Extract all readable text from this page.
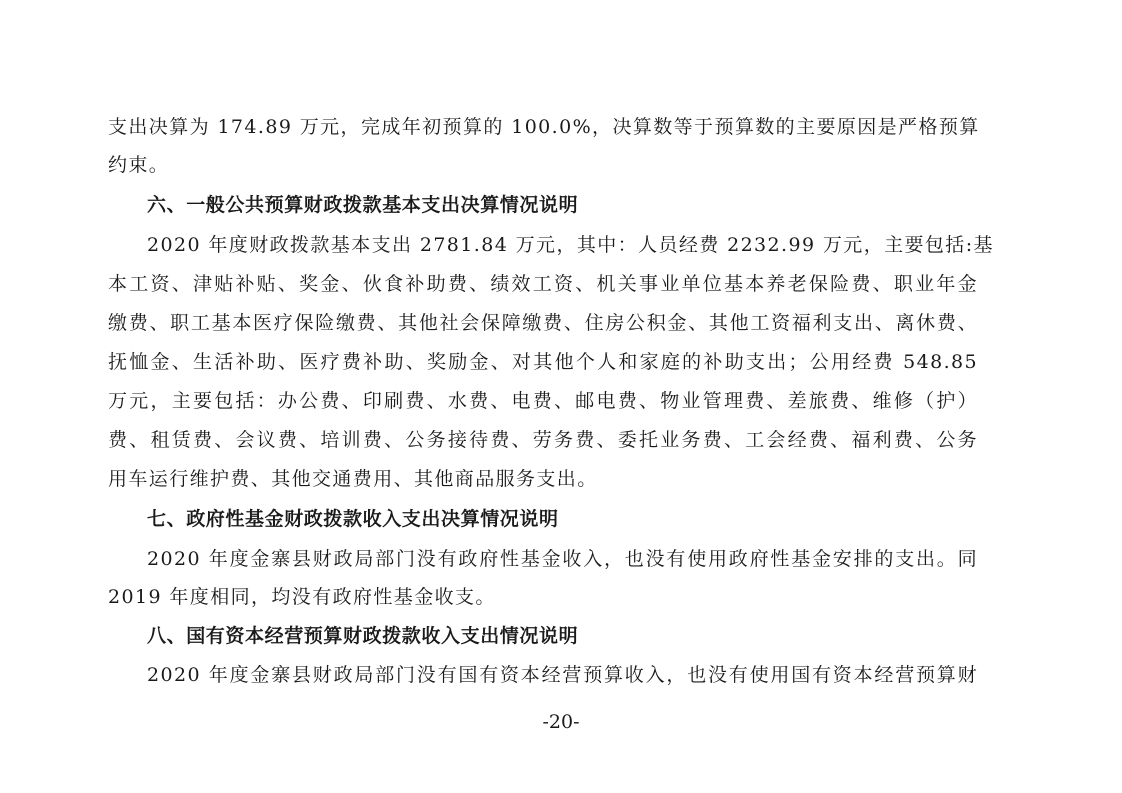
支出决算为 174.89 万元，完成年初预算的 100.0%，决算数等于预算数的主要原因是严格预算
约束。
六、一般公共预算财政拨款基本支出决算情况说明
2020 年度财政拨款基本支出 2781.84 万元，其中：人员经费 2232.99 万元，主要包括:基
本工资、津贴补贴、奖金、伙食补助费、绩效工资、机关事业单位基本养老保险费、职业年金
缴费、职工基本医疗保险缴费、其他社会保障缴费、住房公积金、其他工资福利支出、离休费、
抚恤金、生活补助、医疗费补助、奖励金、对其他个人和家庭的补助支出；公用经费 548.85
万元，主要包括：办公费、印刷费、水费、电费、邮电费、物业管理费、差旅费、维修（护）
费、租赁费、会议费、培训费、公务接待费、劳务费、委托业务费、工会经费、福利费、公务
用车运行维护费、其他交通费用、其他商品服务支出。
七、政府性基金财政拨款收入支出决算情况说明
2020 年度金寨县财政局部门没有政府性基金收入，也没有使用政府性基金安排的支出。同
2019 年度相同，均没有政府性基金收支。
八、国有资本经营预算财政拨款收入支出情况说明
2020 年度金寨县财政局部门没有国有资本经营预算收入，也没有使用国有资本经营预算财
-20-
